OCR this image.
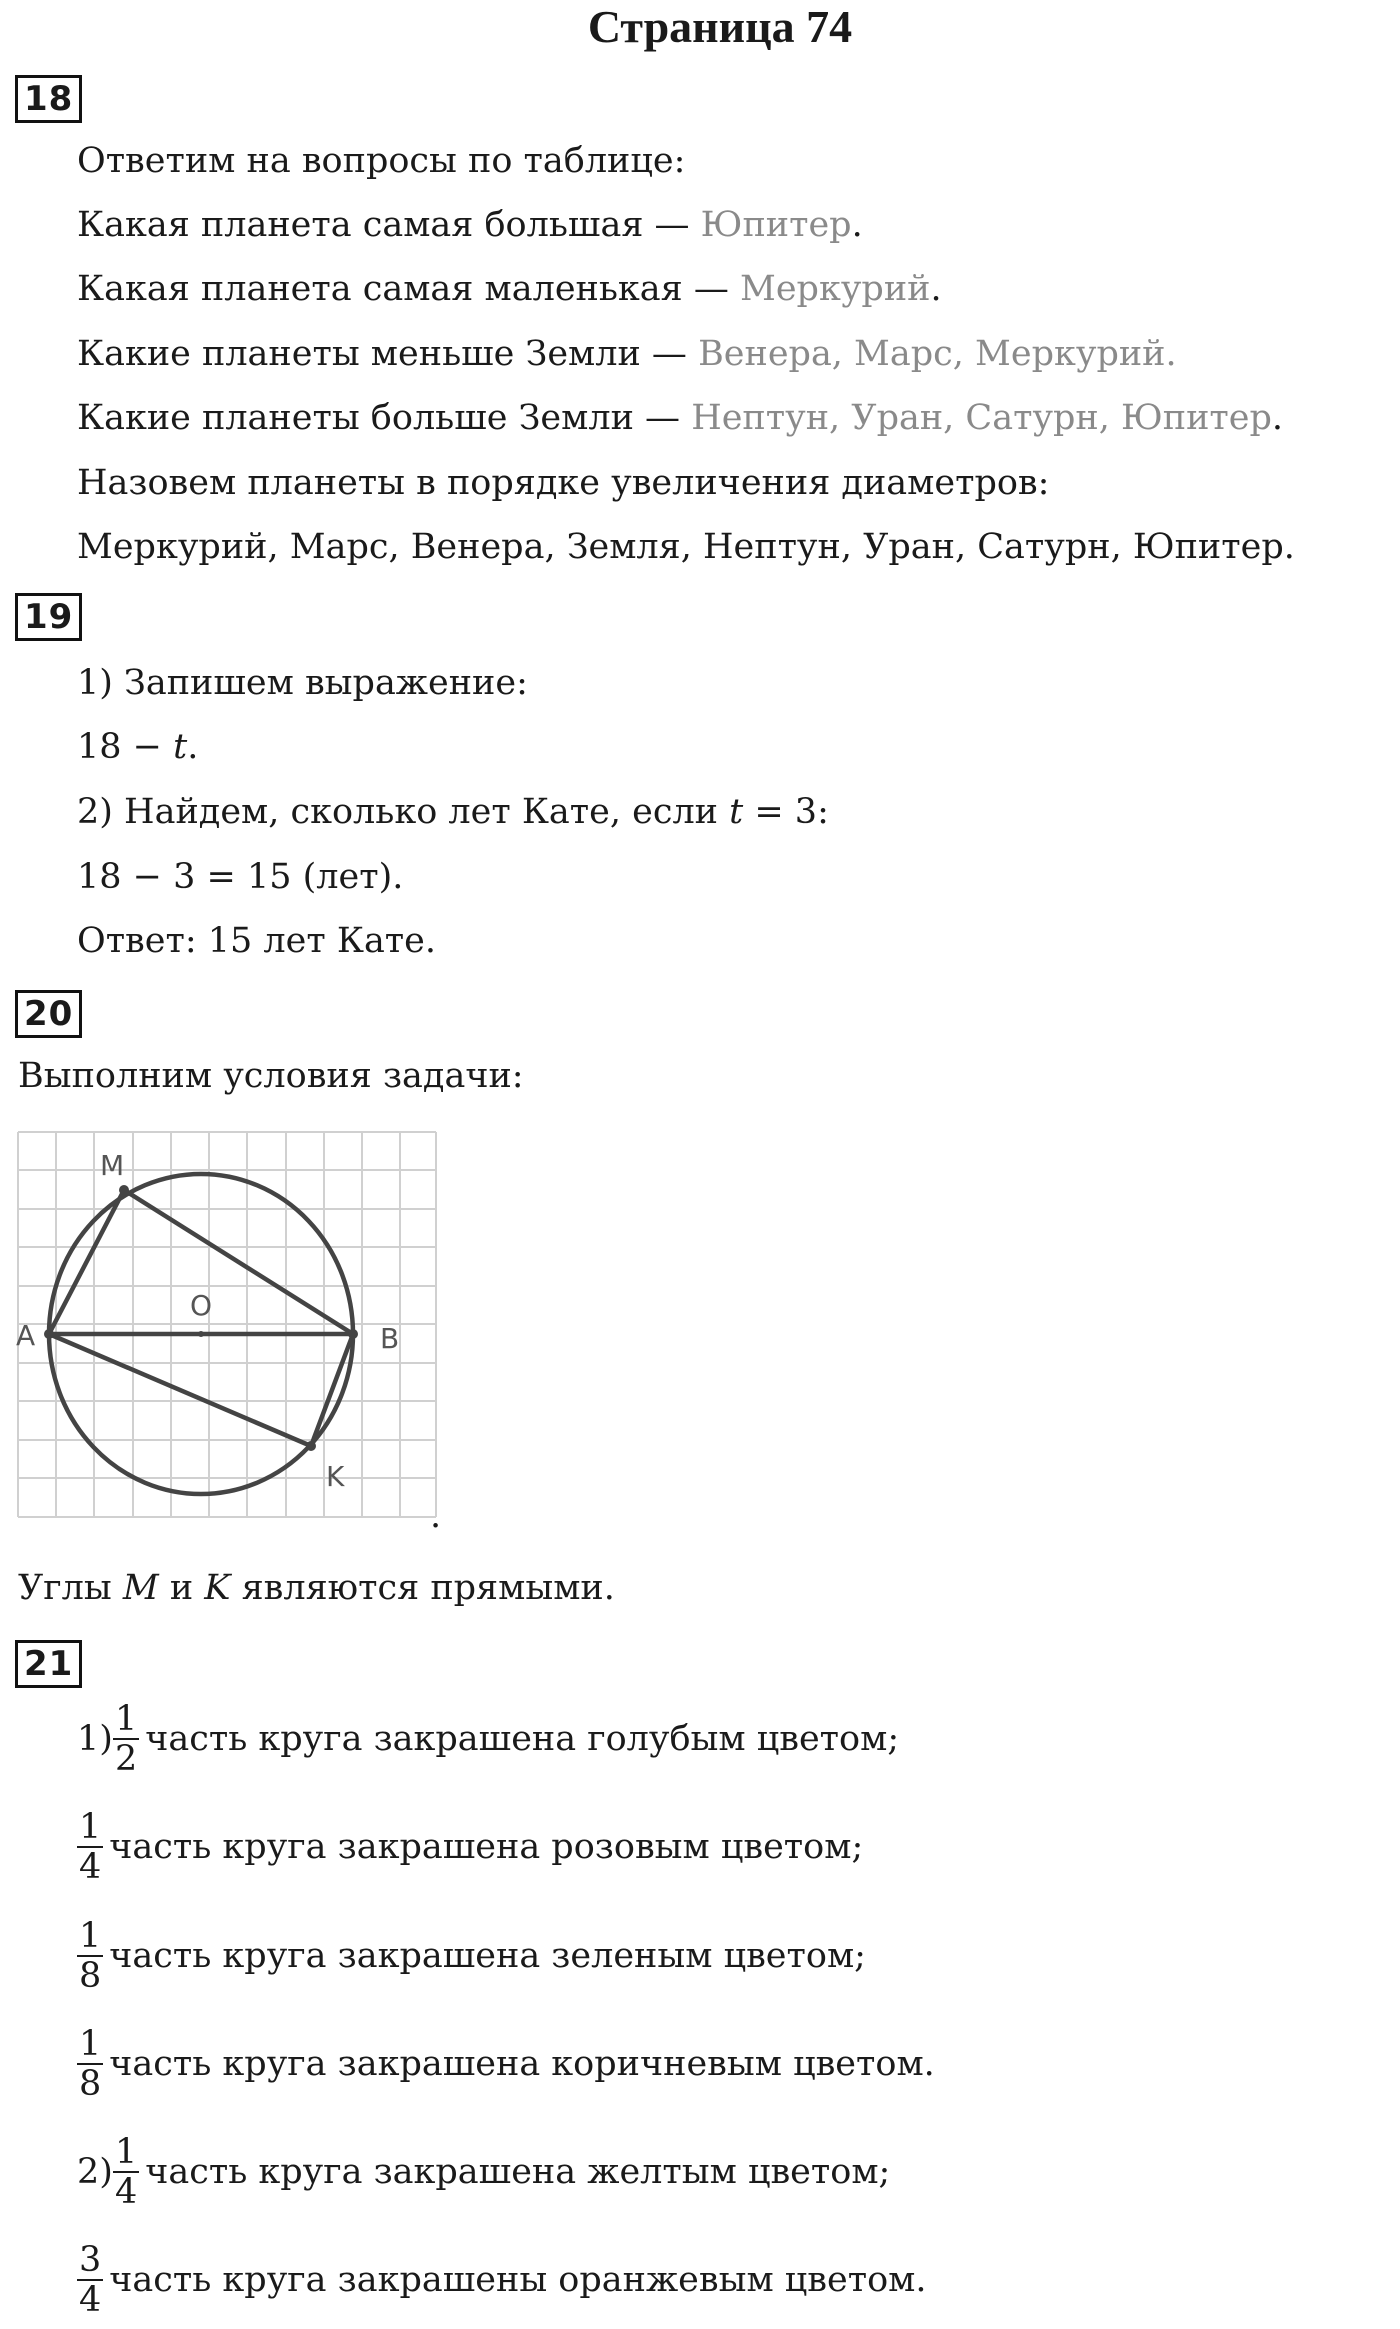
Страница 74
18
Ответим на вопросы по таблице:
Какая планета самая большая — Юпитер.
Какая планета самая маленькая — Меркурий.
Какие планеты меньше Земли — Венера, Марс, Меркурий.
Какие планеты больше Земли — Нептун, Уран, Сатурн, Юпитер.
Назовем планеты в порядке увеличения диаметров:
Меркурий, Марс, Венера, Земля, Нептун, Уран, Сатурн, Юпитер.
19
1) Запишем выражение:
18 − t.
2) Найдем, сколько лет Кате, если t = 3:
18 − 3 = 15 (лет).
Ответ: 15 лет Кате.
20
Выполним условия задачи:
M
O
A	B
K
.
Углы M и K являются прямыми.
21
$1) \frac{1}{2}$ часть круга закрашена голубым цветом;
$\frac{1}{4}$ часть круга закрашена розовым цветом;
$\frac{1}{8}$ часть круга закрашена зеленым цветом;
$\frac{1}{8}$ часть круга закрашена коричневым цветом.
$2) \frac{1}{4}$ часть круга закрашена желтым цветом;
$\frac{3}{4}$ часть круга закрашены оранжевым цветом.
